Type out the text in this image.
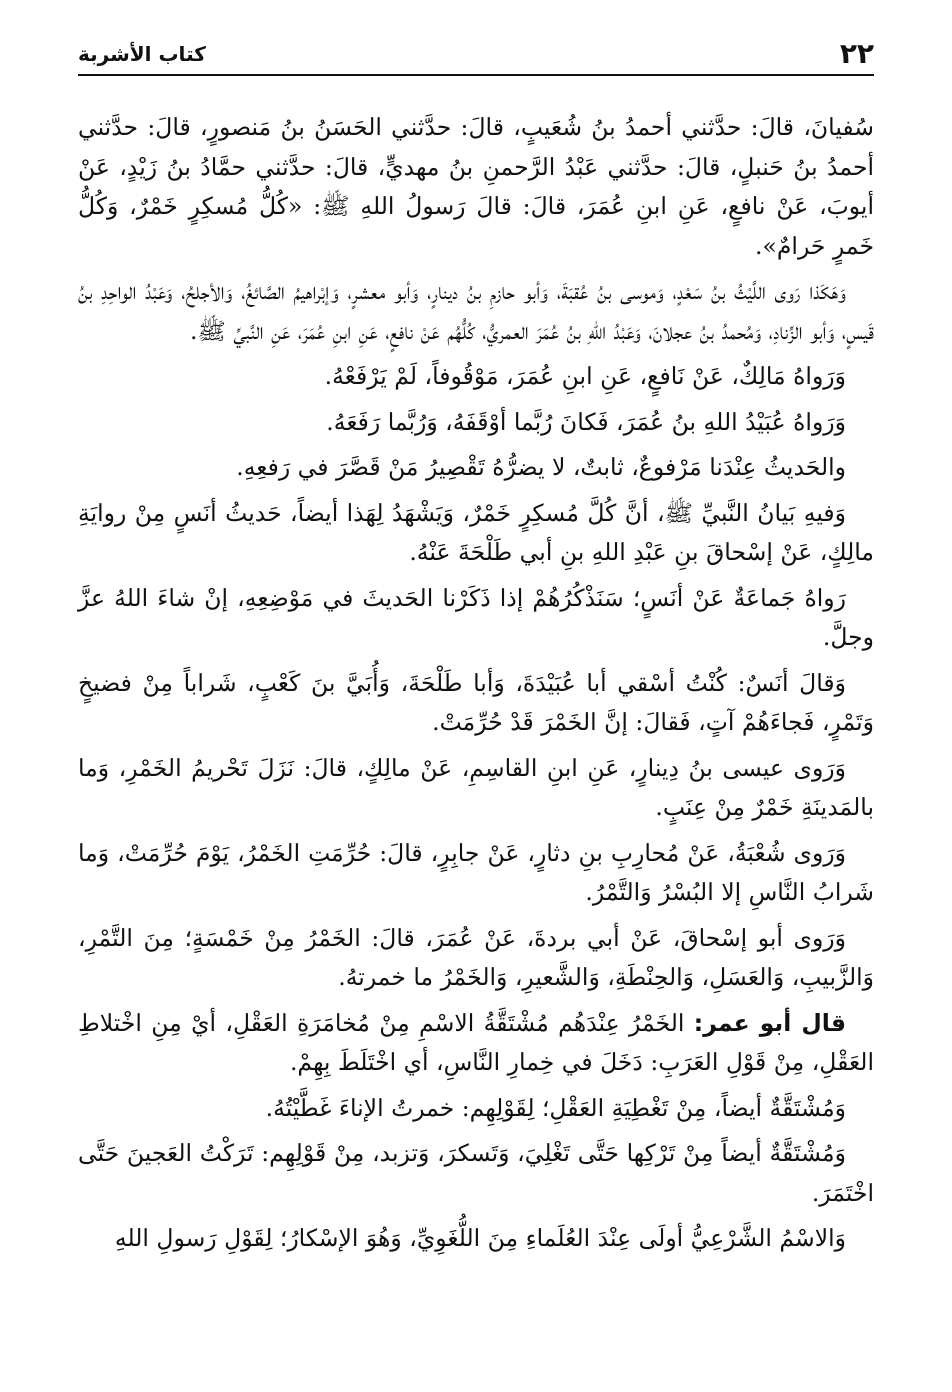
٢٢
كتاب الأشربة

سُفيانَ، قالَ: حدَّثني أحمدُ بنُ شُعَيبٍ، قالَ: حدَّثني الحَسَنُ بنُ مَنصورٍ، قالَ: حدَّثني أحمدُ بنُ حَنبلٍ، قالَ: حدَّثني عَبْدُ الرَّحمنِ بنُ مهديٍّ، قالَ: حدَّثني حمَّادُ بنُ زَيْدٍ، عَنْ أيوبَ، عَنْ نافعٍ، عَنِ ابنِ عُمَرَ، قالَ: قالَ رَسولُ اللهِ ﷺ: «كُلُّ مُسكِرٍ خَمْرٌ، وَكُلُّ خَمرٍ حَرامٌ».

وَهَكَذا رَوى اللَّيْثُ بنُ سَعْدٍ، وَموسى بنُ عُقبَةَ، وَأبو حازمِ بنُ دينارٍ، وَأبو معشرٍ، وَإبْراهيمُ الصَّائغُ، وَالأجلحُ، وَعَبْدُ الواحِدِ بنُ قَيسٍ، وَأبو الزِّنادِ، وَمُحمدُ بنُ عجلانَ، وَعَبْدُ اللهِ بنُ عُمَرَ العمريُّ، كُلُّهُم عَنْ نافعٍ، عَنِ ابنِ عُمَرَ، عَنِ النَّبيِّ ﷺ.

وَرَواهُ مَالِكٌ، عَنْ نَافعٍ، عَنِ ابنِ عُمَرَ، مَوْقُوفاً، لَمْ يَرْفَعْهُ.

وَرَواهُ عُبَيْدُ اللهِ بنُ عُمَرَ، فَكانَ رُبَّما أوْقَفَهُ، وَرُبَّما رَفَعَهُ.

والحَديثُ عِنْدَنا مَرْفوعٌ، ثابتٌ، لا يضرُّهُ تَقْصِيرُ مَنْ قَصَّرَ في رَفعِهِ.

وَفيهِ بَيانُ النَّبيِّ ﷺ، أنَّ كُلَّ مُسكِرٍ خَمْرٌ، وَيَشْهَدُ لِهَذا أيضاً، حَديثُ أنَسٍ مِنْ روايَةِ مالِكٍ، عَنْ إسْحاقَ بنِ عَبْدِ اللهِ بنِ أبي طَلْحَةَ عَنْهُ.

رَواهُ جَماعَةٌ عَنْ أنَسٍ؛ سَنَذْكُرُهُمْ إذا ذَكَرْنا الحَديثَ في مَوْضِعِهِ، إنْ شاءَ اللهُ عزَّ وجلَّ.

وَقالَ أنَسٌ: كُنْتُ أسْقي أبا عُبَيْدَةَ، وَأبا طَلْحَةَ، وَأُبَيَّ بنَ كَعْبٍ، شَراباً مِنْ فضيخٍ وَتَمْرٍ، فَجاءَهُمْ آتٍ، فَقالَ: إنَّ الخَمْرَ قَدْ حُرِّمَتْ.

وَرَوى عيسى بنُ دِينارٍ، عَنِ ابنِ القاسِمِ، عَنْ مالِكٍ، قالَ: نَزَلَ تَحْريمُ الخَمْرِ، وَما بالمَدينَةِ خَمْرٌ مِنْ عِنَبٍ.

وَرَوى شُعْبَةُ، عَنْ مُحارِبِ بنِ دثارٍ، عَنْ جابِرٍ، قالَ: حُرِّمَتِ الخَمْرُ، يَوْمَ حُرِّمَتْ، وَما شَرابُ النَّاسِ إلا البُسْرُ وَالتَّمْرُ.

وَرَوى أبو إسْحاقَ، عَنْ أبي بردةَ، عَنْ عُمَرَ، قالَ: الخَمْرُ مِنْ خَمْسَةٍ؛ مِنَ التَّمْرِ، وَالزَّبيبِ، وَالعَسَلِ، وَالحِنْطَةِ، وَالشَّعيرِ، وَالخَمْرُ ما خمرتهُ.

قال أبو عمر: الخَمْرُ عِنْدَهُم مُشْتَقَّةُ الاسْمِ مِنْ مُخامَرَةِ العَقْلِ، أيْ مِنِ اخْتلاطِ العَقْلِ، مِنْ قَوْلِ العَرَبِ: دَخَلَ في خِمارِ النَّاسِ، أي اخْتَلَطَ بِهِمْ.

وَمُشْتَقَّةٌ أيضاً، مِنْ تَغْطِيَةِ العَقْلِ؛ لِقَوْلِهِم: خمرتُ الإناءَ غَطَّيْتُهُ.

وَمُشْتَقَّةٌ أيضاً مِنْ تَرْكِها حَتَّى تَغْلِيَ، وَتَسكرَ، وَتزبد، مِنْ قَوْلِهِم: تَرَكْتُ العَجينَ حَتَّى اخْتَمَرَ.

وَالاسْمُ الشَّرْعِيُّ أولَى عِنْدَ العُلَماءِ مِنَ اللُّغَوِيِّ، وَهُوَ الإسْكارُ؛ لِقَوْلِ رَسولِ اللهِ
